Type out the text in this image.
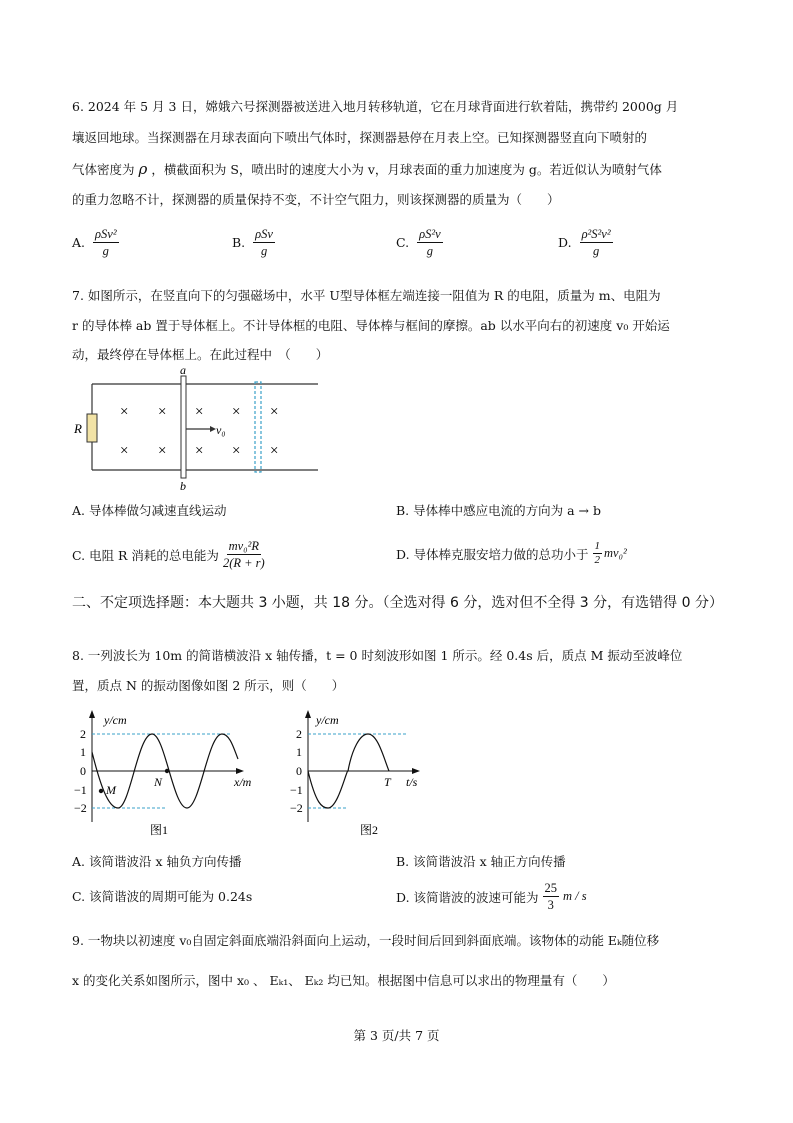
6. 2024 年 5 月 3 日，嫦娥六号探测器被送进入地月转移轨道，它在月球背面进行软着陆，携带约 2000g 月
壤返回地球。当探测器在月球表面向下喷出气体时，探测器悬停在月表上空。已知探测器竖直向下喷射的
气体密度为 ρ ，横截面积为 S，喷出时的速度大小为 v，月球表面的重力加速度为 g。若近似认为喷射气体
的重力忽略不计，探测器的质量保持不变，不计空气阻力，则该探测器的质量为（　　）
A. $\frac{\text{ρSv²}}{g}$	B. $\frac{\text{ρSv}}{g}$	C. $\frac{\text{ρS²v}}{g}$	D. $\frac{\text{ρ²S²v²}}{g}$
7. 如图所示，在竖直向下的匀强磁场中，水平 U型导体框左端连接一阻值为 R 的电阻，质量为 m、电阻为
r 的导体棒 ab 置于导体框上。不计导体框的电阻、导体棒与框间的摩擦。ab 以水平向右的初速度 v₀ 开始运
动，最终停在导体框上。在此过程中　（　　）
R
a
b
v₀
× × × × ×
× × × × ×
A. 导体棒做匀减速直线运动	B. 导体棒中感应电流的方向为 a → b
C. 电阻 R 消耗的总电能为 $\frac{\text{mv₀²R}}{2(R + r)}$	D. 导体棒克服安培力做的总功小于 $\frac{1}{2} mv_0^2$
二、不定项选择题：本大题共 3 小题，共 18 分。（全选对得 6 分，选对但不全得 3 分，有选错得 0 分）
8. 一列波长为 10m 的简谐横波沿 x 轴传播，t = 0 时刻波形如图 1 所示。经 0.4s 后，质点 M 振动至波峰位
置，质点 N 的振动图像如图 2 所示，则（　　）
y/cm
x/m
2
1
0
−1
−2
M
N
图1
y/cm
t/s
T
2
1
0
−1
−2
图2
A. 该简谐波沿 x 轴负方向传播	B. 该简谐波沿 x 轴正方向传播
C. 该简谐波的周期可能为 0.24s	D. 该简谐波的波速可能为 $\frac{25}{3}$ m / s
9. 一物块以初速度 v₀自固定斜面底端沿斜面向上运动，一段时间后回到斜面底端。该物体的动能 Eₖ随位移
x 的变化关系如图所示，图中 x₀ 、 Eₖ₁、 Eₖ₂ 均已知。根据图中信息可以求出的物理量有（　　）
第 3 页/共 7 页
